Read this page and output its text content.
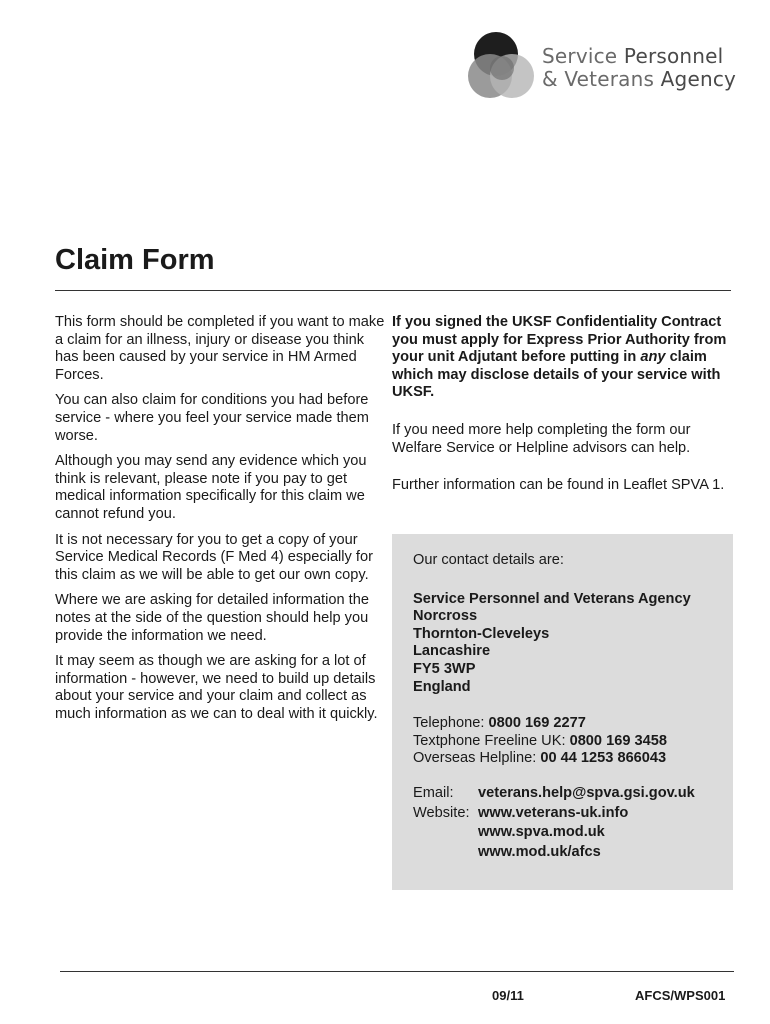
Service Personnel
& Veterans Agency
Claim Form

This form should be completed if you want to make a claim for an illness, injury or disease you think has been caused by your service in HM Armed Forces.

You can also claim for conditions you had before service - where you feel your service made them worse.

Although you may send any evidence which you think is relevant, please note if you pay to get medical information specifically for this claim we cannot refund you.

It is not necessary for you to get a copy of your Service Medical Records (F Med 4) especially for this claim as we will be able to get our own copy.

Where we are asking for detailed information the notes at the side of the question should help you provide the information we need.

It may seem as though we are asking for a lot of information - however, we need to build up details about your service and your claim and collect as much information as we can to deal with it quickly.

If you signed the UKSF Confidentiality Contract you must apply for Express Prior Authority from your unit Adjutant before putting in any claim which may disclose details of your service with UKSF.

If you need more help completing the form our Welfare Service or Helpline advisors can help.

Further information can be found in Leaflet SPVA 1.

Our contact details are:

Service Personnel and Veterans Agency
Norcross
Thornton-Cleveleys
Lancashire
FY5 3WP
England

Telephone: 0800 169 2277

Textphone Freeline UK: 0800 169 3458

Overseas Helpline: 00 44 1253 866043

Email:	veterans.help@spva.gsi.gov.uk
Website: www.veterans-uk.info
www.spva.mod.uk
www.mod.uk/afcs
09/11	AFCS/WPS001
